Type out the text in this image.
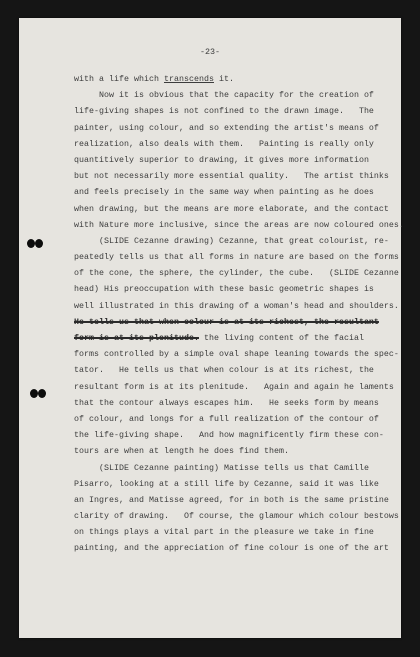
-23-
with a life which transcends it.
Now it is obvious that the capacity for the creation of
life-giving shapes is not confined to the drawn image.   The
painter, using colour, and so extending the artist's means of
realization, also deals with them.   Painting is really only
quantitively superior to drawing, it gives more information
but not necessarily more essential quality.   The artist thinks
and feels precisely in the same way when painting as he does
when drawing, but the means are more elaborate, and the contact
with Nature more inclusive, since the areas are now coloured ones.
(SLIDE Cezanne drawing) Cezanne, that great colourist, re-
peatedly tells us that all forms in nature are based on the forms
of the cone, the sphere, the cylinder, the cube.   (SLIDE Cezanne
head) His preoccupation with these basic geometric shapes is
well illustrated in this drawing of a woman's head and shoulders.
He tells us that when colour is at its richest, the resultant
form is at its plenitude. the living content of the facial
forms controlled by a simple oval shape leaning towards the spec-
tator.   He tells us that when colour is at its richest, the
resultant form is at its plenitude.   Again and again he laments
that the contour always escapes him.   He seeks form by means
of colour, and longs for a full realization of the contour of
the life-giving shape.   And how magnificently firm these con-
tours are when at length he does find them.
(SLIDE Cezanne painting) Matisse tells us that Camille
Pisarro, looking at a still life by Cezanne, said it was like
an Ingres, and Matisse agreed, for in both is the same pristine
clarity of drawing.   Of course, the glamour which colour bestows
on things plays a vital part in the pleasure we take in fine
painting, and the appreciation of fine colour is one of the art
